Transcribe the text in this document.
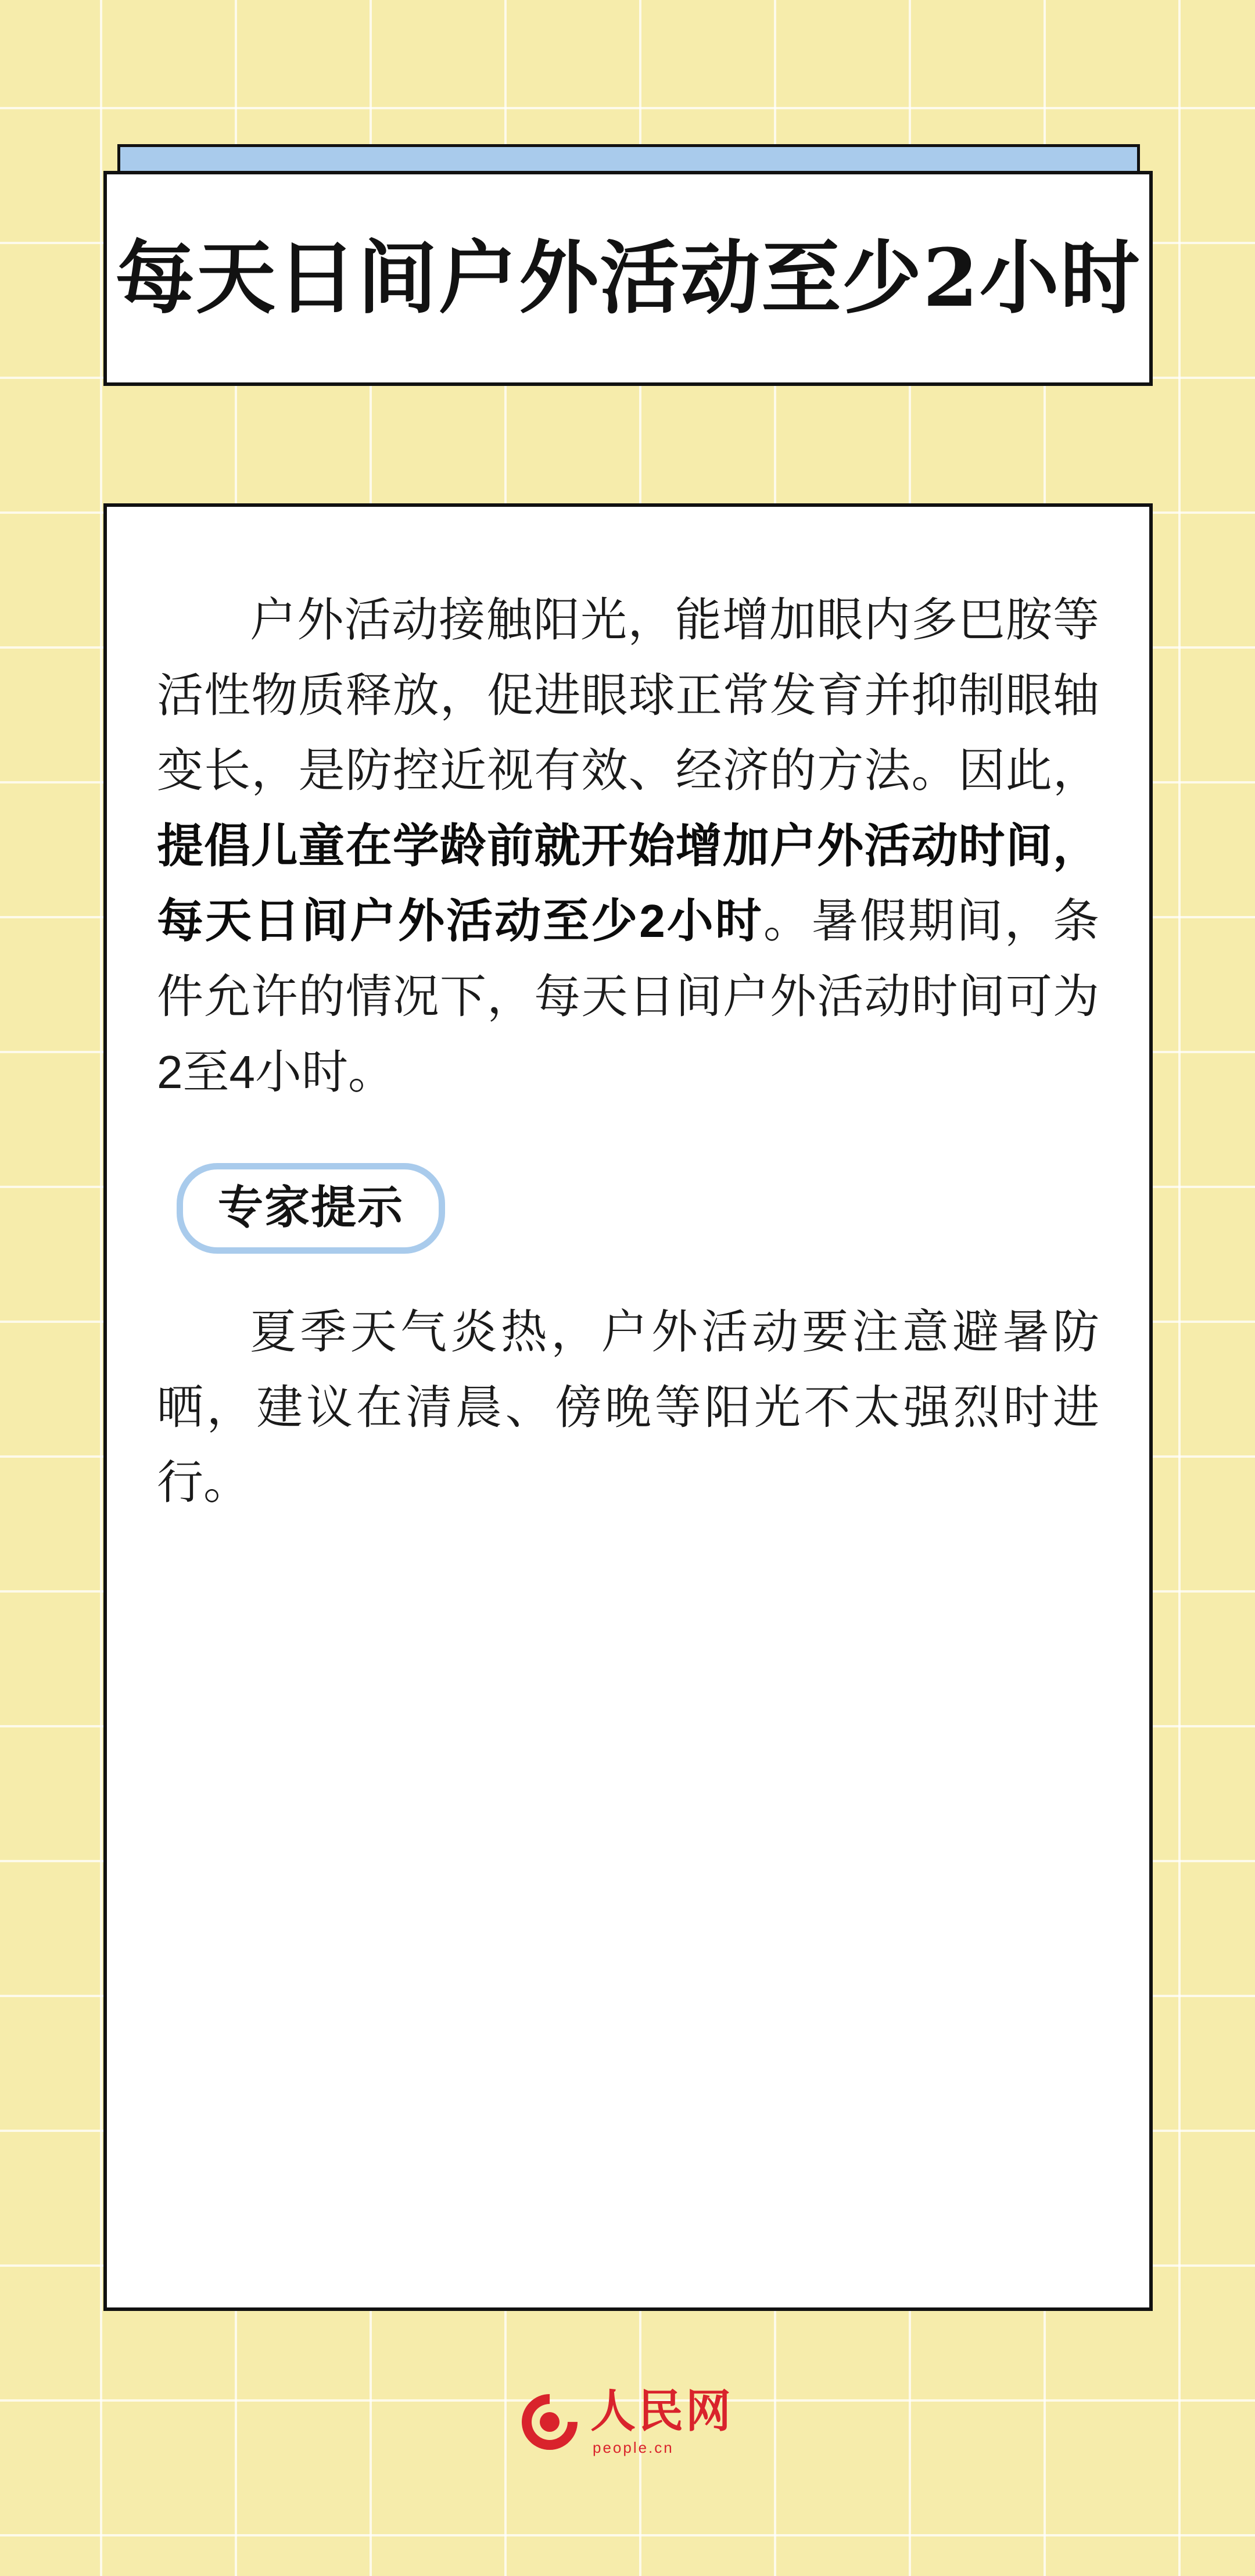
每天日间户外活动至少2小时

户外活动接触阳光，能增加眼内多巴胺等活性物质释放，促进眼球正常发育并抑制眼轴变长，是防控近视有效、经济的方法。因此，提倡儿童在学龄前就开始增加户外活动时间，每天日间户外活动至少2小时。暑假期间，条件允许的情况下，每天日间户外活动时间可为2至4小时。

专家提示

夏季天气炎热，户外活动要注意避暑防晒，建议在清晨、傍晚等阳光不太强烈时进行。

人民网
people.cn
